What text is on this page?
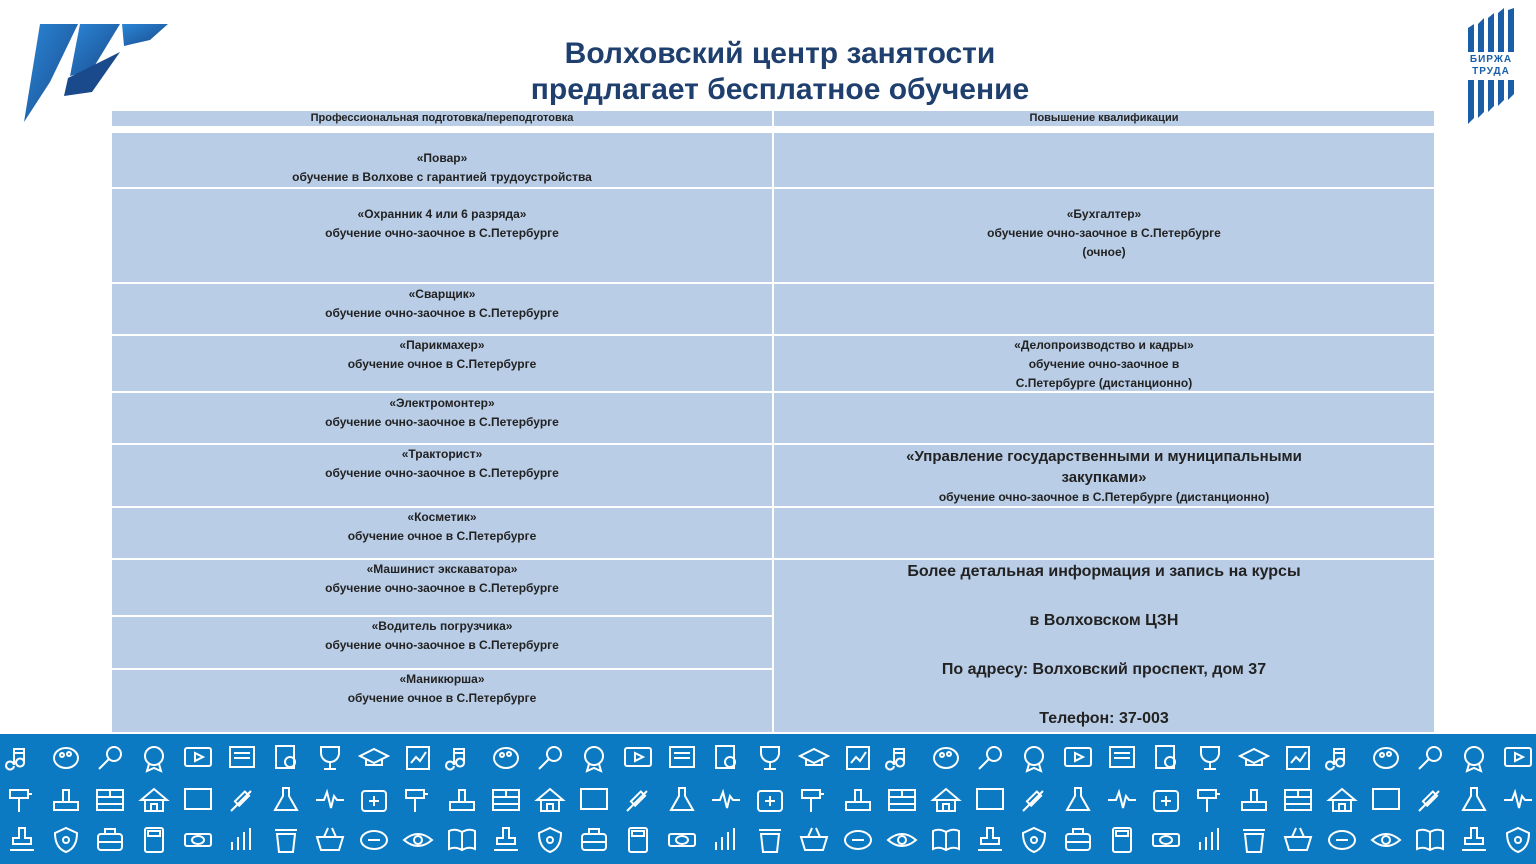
БИРЖА
ТРУДА
Волховский центр занятости
предлагает бесплатное обучение
Профессиональная подготовка/переподготовка	Повышение квалификации
«Повар»
обучение в Волхове с гарантией трудоустройства
«Охранник 4 или 6 разряда»
обучение очно-заочное в С.Петербурге
«Сварщик»
обучение очно-заочное в С.Петербурге
«Парикмахер»
обучение очное в С.Петербурге
«Электромонтер»
обучение очно-заочное в С.Петербурге
«Тракторист»
обучение очно-заочное в С.Петербурге
«Косметик»
обучение очное в С.Петербурге
«Машинист экскаватора»
обучение очно-заочное в С.Петербурге
«Водитель погрузчика»
обучение очно-заочное в С.Петербурге
«Маникюрша»
обучение очное в С.Петербурге
«Бухгалтер»
обучение очно-заочное в С.Петербурге
(очное)
«Делопроизводство и кадры»
обучение очно-заочное в
С.Петербурге (дистанционно)
«Управление государственными и муниципальными
закупками»
обучение очно-заочное в С.Петербурге (дистанционно)
Более детальная информация и запись на курсы
в Волховском ЦЗН
По адресу: Волховский проспект, дом 37
Телефон: 37-003
